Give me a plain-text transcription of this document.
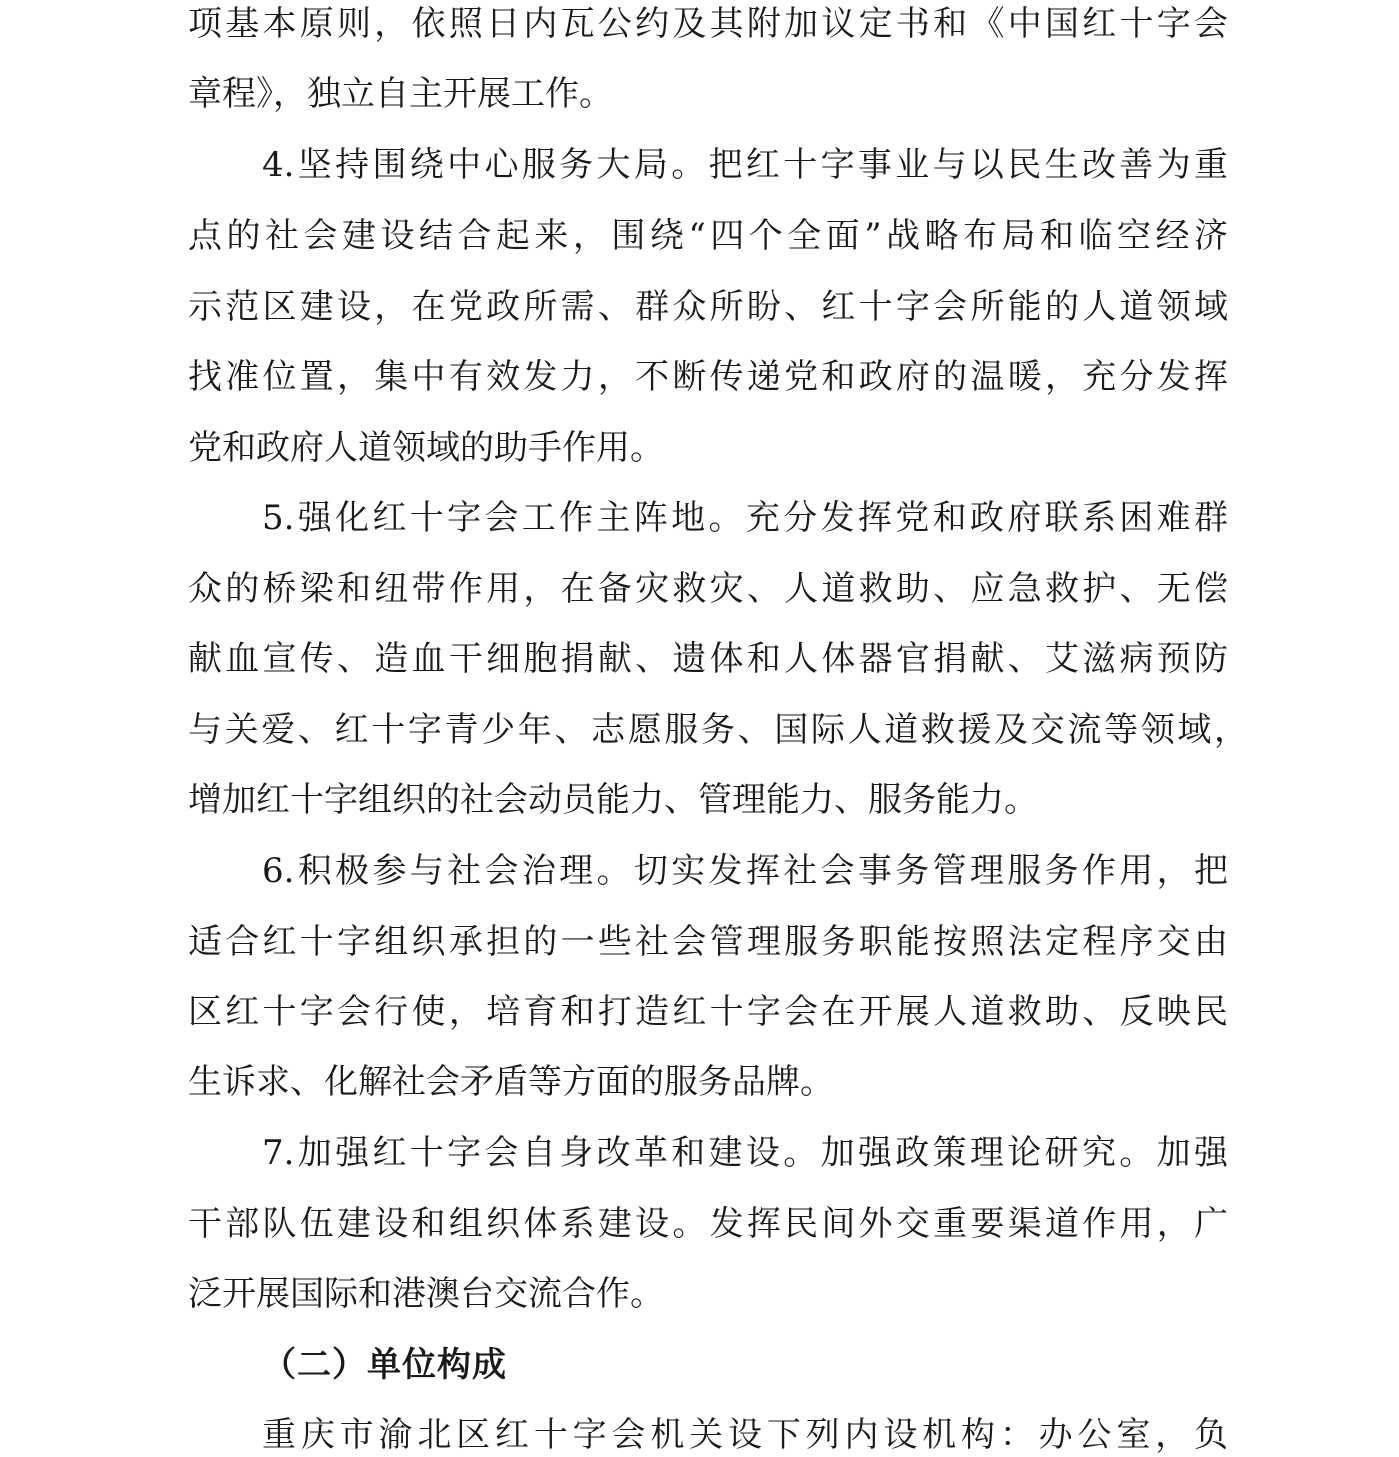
项基本原则，依照日内瓦公约及其附加议定书和《中国红十字会
章程》，独立自主开展工作。
4.坚持围绕中心服务大局。把红十字事业与以民生改善为重
点的社会建设结合起来，围绕“四个全面”战略布局和临空经济
示范区建设，在党政所需、群众所盼、红十字会所能的人道领域
找准位置，集中有效发力，不断传递党和政府的温暖，充分发挥
党和政府人道领域的助手作用。
5.强化红十字会工作主阵地。充分发挥党和政府联系困难群
众的桥梁和纽带作用，在备灾救灾、人道救助、应急救护、无偿
献血宣传、造血干细胞捐献、遗体和人体器官捐献、艾滋病预防
与关爱、红十字青少年、志愿服务、国际人道救援及交流等领域，
增加红十字组织的社会动员能力、管理能力、服务能力。
6.积极参与社会治理。切实发挥社会事务管理服务作用，把
适合红十字组织承担的一些社会管理服务职能按照法定程序交由
区红十字会行使，培育和打造红十字会在开展人道救助、反映民
生诉求、化解社会矛盾等方面的服务品牌。
7.加强红十字会自身改革和建设。加强政策理论研究。加强
干部队伍建设和组织体系建设。发挥民间外交重要渠道作用，广
泛开展国际和港澳台交流合作。
（二）单位构成
重庆市渝北区红十字会机关设下列内设机构：办公室，负
